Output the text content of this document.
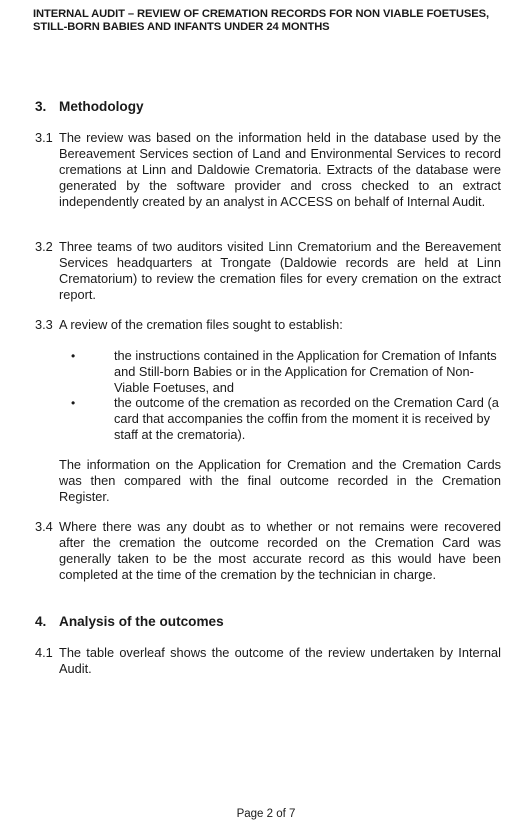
INTERNAL AUDIT – REVIEW OF CREMATION RECORDS FOR NON VIABLE FOETUSES,
STILL-BORN BABIES AND INFANTS UNDER 24 MONTHS
3. Methodology
3.1 The review was based on the information held in the database used by the Bereavement Services section of Land and Environmental Services to record cremations at Linn and Daldowie Crematoria. Extracts of the database were generated by the software provider and cross checked to an extract independently created by an analyst in ACCESS on behalf of Internal Audit.
3.2 Three teams of two auditors visited Linn Crematorium and the Bereavement Services headquarters at Trongate (Daldowie records are held at Linn Crematorium) to review the cremation files for every cremation on the extract report.
3.3 A review of the cremation files sought to establish:
•	the instructions contained in the Application for Cremation of Infants and Still-born Babies or in the Application for Cremation of Non-Viable Foetuses, and
•	the outcome of the cremation as recorded on the Cremation Card (a card that accompanies the coffin from the moment it is received by staff at the crematoria).
The information on the Application for Cremation and the Cremation Cards was then compared with the final outcome recorded in the Cremation Register.
3.4 Where there was any doubt as to whether or not remains were recovered after the cremation the outcome recorded on the Cremation Card was generally taken to be the most accurate record as this would have been completed at the time of the cremation by the technician in charge.
4. Analysis of the outcomes
4.1 The table overleaf shows the outcome of the review undertaken by Internal Audit.
Page 2 of 7
